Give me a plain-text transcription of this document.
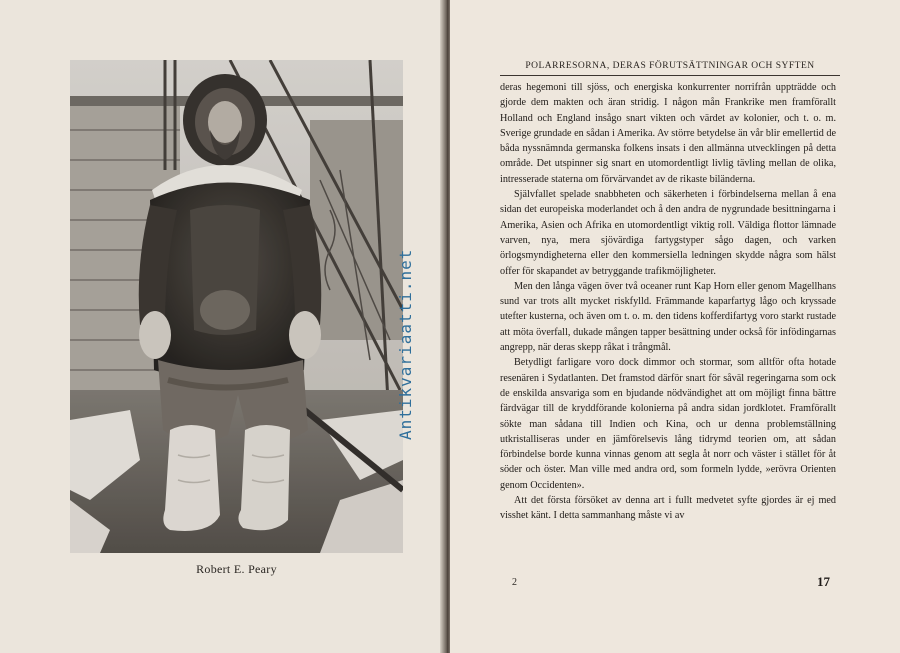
Robert E. Peary
Antikvariaatti.net
POLARRESORNA, DERAS FÖRUTSÄTTNINGAR OCH SYFTEN

deras hegemoni till sjöss, och energiska konkurrenter norrifrån uppträdde och gjorde dem makten och äran stridig. I någon mån Frankrike men framförallt Holland och England insågo snart vikten och värdet av kolonier, och t. o. m. Sverige grundade en sådan i Amerika. Av större betydelse än vår blir emellertid de båda nyssnämnda germanska folkens insats i den allmänna utvecklingen på detta område. Det utspinner sig snart en utomordentligt livlig tävling mellan de olika, intresserade staterna om förvärvandet av de rikaste biländerna.

Självfallet spelade snabbheten och säkerheten i förbindelserna mellan å ena sidan det europeiska moderlandet och å den andra de nygrundade besittningarna i Amerika, Asien och Afrika en utomordentligt viktig roll. Väldiga flottor lämnade varven, nya, mera sjövärdiga fartygstyper sågo dagen, och varken örlogsmyndigheterna eller den kommersiella ledningen skydde några som hälst offer för skapandet av betryggande trafikmöjligheter.

Men den långa vägen över två oceaner runt Kap Horn eller genom Magellhans sund var trots allt mycket riskfylld. Främmande kaparfartyg lågo och kryssade utefter kusterna, och även om t. o. m. den tidens kofferdifartyg voro starkt rustade att möta överfall, dukade mången tapper besättning under också för infödingarnas angrepp, när deras skepp råkat i trångmål.

Betydligt farligare voro dock dimmor och stormar, som alltför ofta hotade resenären i Sydatlanten. Det framstod därför snart för såväl regeringarna som ock de enskilda ansvariga som en bjudande nödvändighet att om möjligt finna bättre färdvägar till de kryddförande kolonierna på andra sidan jordklotet. Framförallt sökte man sådana till Indien och Kina, och ur denna problemställning utkristalliseras under en jämförelsevis lång tidrymd teorien om, att sådan förbindelse borde kunna vinnas genom att segla åt norr och väster i stället för åt söder och öster. Man ville med andra ord, som formeln lydde, »erövra Orienten genom Occidenten».

Att det första försöket av denna art i fullt medvetet syfte gjordes är ej med visshet känt. I detta sammanhang måste vi av

2	17
